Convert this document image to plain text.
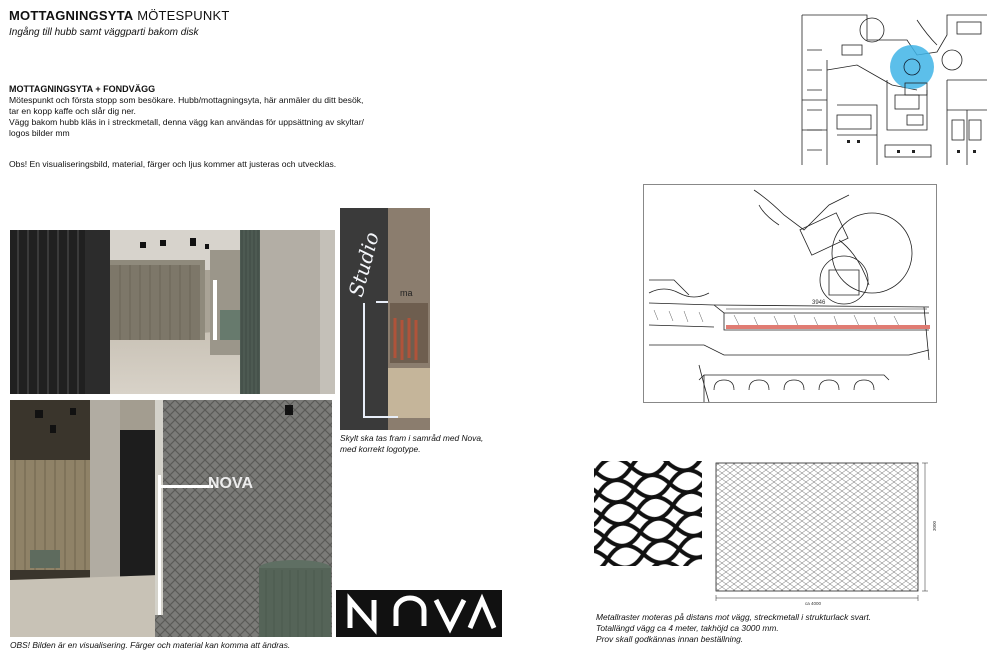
MOTTAGNINGSYTA MÖTESPUNKT
Ingång till hubb samt väggparti bakom disk
MOTTAGNINGSYTA + FONDVÄGG

Mötespunkt och första stopp som besökare. Hubb/mottagningsyta, här anmäler du ditt besök,

tar en kopp kaffe och slår dig ner.

Vägg bakom hubb kläs in i streckmetall, denna vägg kan användas för uppsättning av skyltar/

logos bilder mm

Obs! En visualiseringsbild, material, färger och ljus kommer att justeras och utvecklas.
3946
Studio ma
Skylt ska tas fram i samråd med Nova,
med korrekt logotype.
NOVA
OBS! Bilden är en visualisering. Färger och material kan komma att ändras.
NOVA
3000
ca 4000
Metallraster moteras på distans mot vägg, streckmetall i strukturlack svart.
Totallängd vägg ca 4 meter, takhöjd ca 3000 mm.
Prov skall godkännas innan beställning.
